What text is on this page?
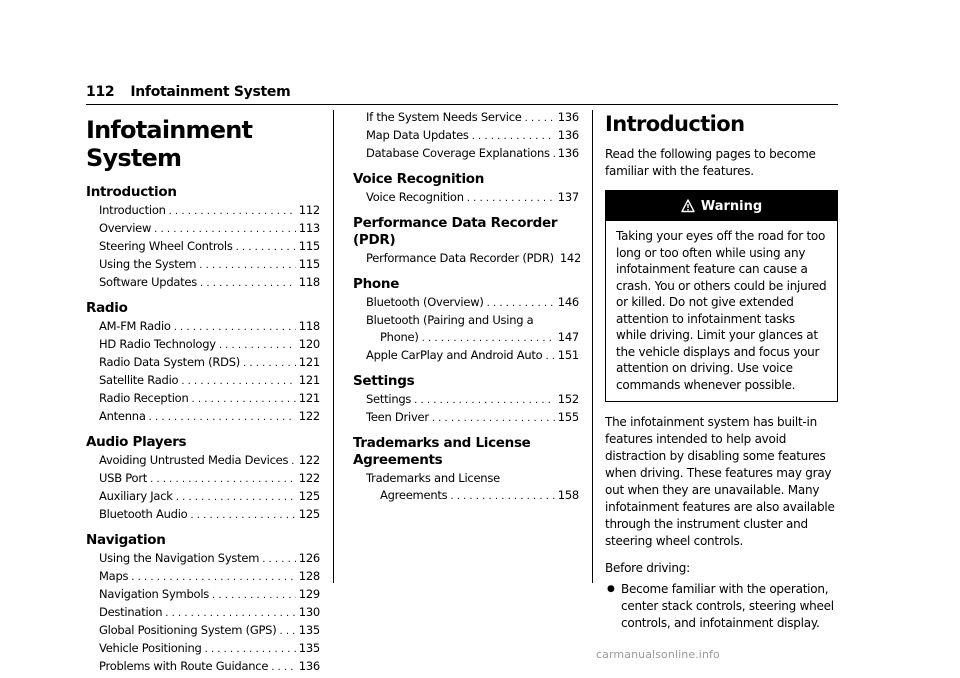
112 Infotainment System
Infotainment System
Introduction
Introduction . . .	112
Overview . . .	113
Steering Wheel Controls . . .	115
Using the System . . .	115
Software Updates . . .	118
Radio
AM-FM Radio . . .	118
HD Radio Technology . . .	120
Radio Data System (RDS) . . .	121
Satellite Radio . . .	121
Radio Reception . . .	121
Antenna . . .	122
Audio Players
Avoiding Untrusted Media Devices . . . 122
USB Port . . .	122
Auxiliary Jack . . .	125
Bluetooth Audio . . .	125
Navigation
Using the Navigation System . . .	126
Maps . . .	128
Navigation Symbols . . .	129
Destination . . .	130
Global Positioning System (GPS) . . . 135
Vehicle Positioning . . .	135
Problems with Route Guidance . . .	136
If the System Needs Service . . .	136
Map Data Updates . . .	136
Database Coverage Explanations . . . 136
Voice Recognition
Voice Recognition . . .	137
Performance Data Recorder (PDR)
Performance Data Recorder (PDR) 142
Phone
Bluetooth (Overview) . . .	146
Bluetooth (Pairing and Using a
Phone) . . .	147
Apple CarPlay and Android Auto . . . 151
Settings
Settings . . .	152
Teen Driver . . .	155
Trademarks and License Agreements
Trademarks and License
Agreements . . .	158
Introduction

Read the following pages to become familiar with the features.

Warning
Taking your eyes off the road for too long or too often while using any infotainment feature can cause a crash. You or others could be injured or killed. Do not give extended attention to infotainment tasks while driving. Limit your glances at the vehicle displays and focus your attention on driving. Use voice commands whenever possible.

The infotainment system has built-in features intended to help avoid distraction by disabling some features when driving. These features may gray out when they are unavailable. Many infotainment features are also available through the instrument cluster and steering wheel controls.

Before driving:

● Become familiar with the operation, center stack controls, steering wheel controls, and infotainment display.
carmanualsonline.info
